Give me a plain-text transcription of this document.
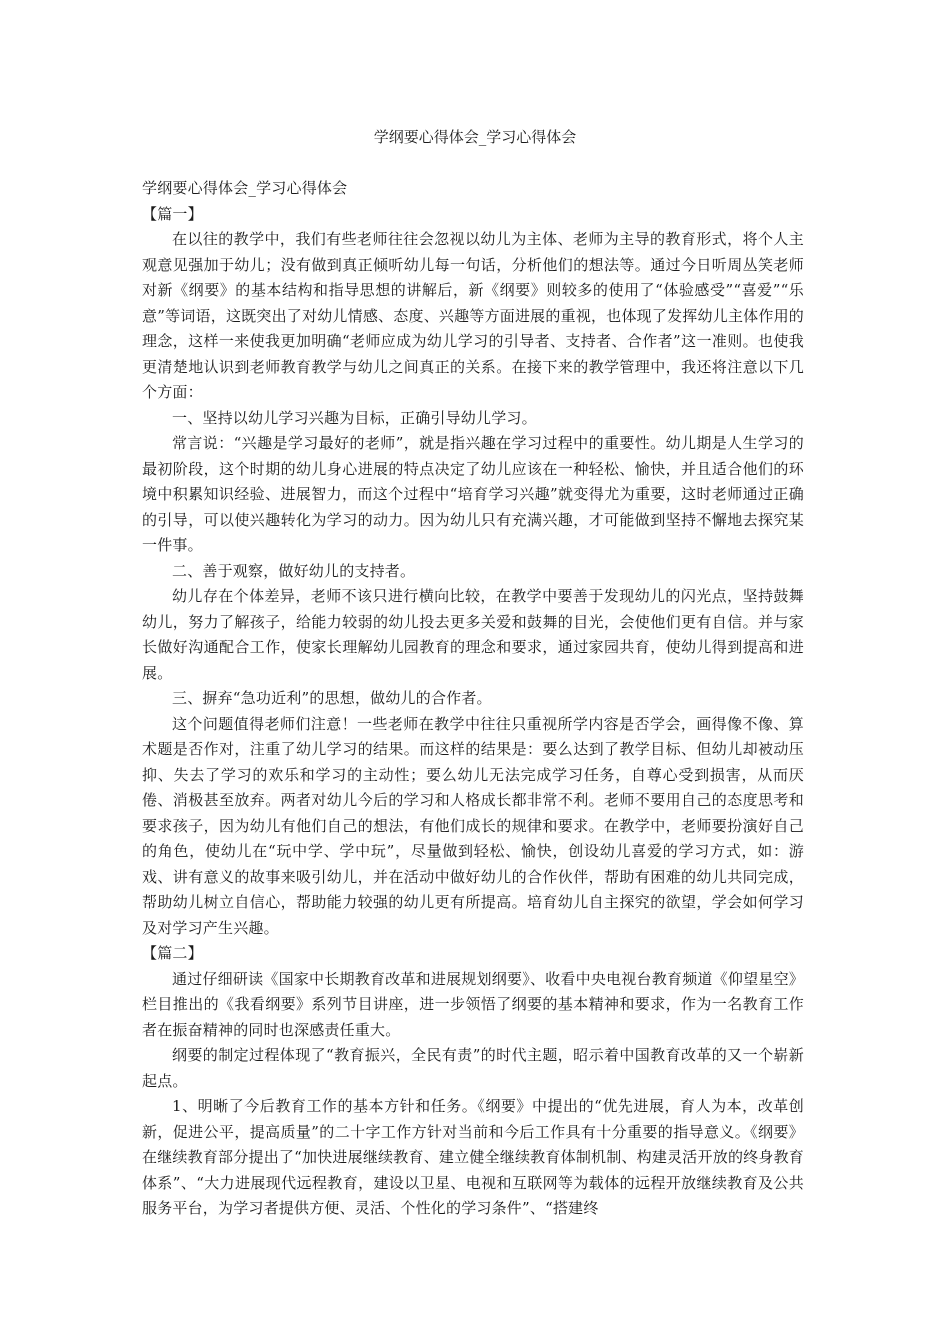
学纲要心得体会_学习心得体会

学纲要心得体会_学习心得体会

【篇一】

在以往的教学中，我们有些老师往往会忽视以幼儿为主体、老师为主导的教育形式，将个人主观意见强加于幼儿；没有做到真正倾听幼儿每一句话，分析他们的想法等。通过今日听周丛笑老师对新《纲要》的基本结构和指导思想的讲解后，新《纲要》则较多的使用了“体验感受”“喜爱”“乐意”等词语，这既突出了对幼儿情感、态度、兴趣等方面进展的重视，也体现了发挥幼儿主体作用的理念，这样一来使我更加明确“老师应成为幼儿学习的引导者、支持者、合作者”这一准则。也使我更清楚地认识到老师教育教学与幼儿之间真正的关系。在接下来的教学管理中，我还将注意以下几个方面：

一、坚持以幼儿学习兴趣为目标，正确引导幼儿学习。

常言说：“兴趣是学习最好的老师”，就是指兴趣在学习过程中的重要性。幼儿期是人生学习的最初阶段，这个时期的幼儿身心进展的特点决定了幼儿应该在一种轻松、愉快，并且适合他们的环境中积累知识经验、进展智力，而这个过程中“培育学习兴趣”就变得尤为重要，这时老师通过正确的引导，可以使兴趣转化为学习的动力。因为幼儿只有充满兴趣，才可能做到坚持不懈地去探究某一件事。

二、善于观察，做好幼儿的支持者。

幼儿存在个体差异，老师不该只进行横向比较，在教学中要善于发现幼儿的闪光点，坚持鼓舞幼儿，努力了解孩子，给能力较弱的幼儿投去更多关爱和鼓舞的目光，会使他们更有自信。并与家长做好沟通配合工作，使家长理解幼儿园教育的理念和要求，通过家园共育，使幼儿得到提高和进展。

三、摒弃“急功近利”的思想，做幼儿的合作者。

这个问题值得老师们注意！一些老师在教学中往往只重视所学内容是否学会，画得像不像、算术题是否作对，注重了幼儿学习的结果。而这样的结果是：要么达到了教学目标、但幼儿却被动压抑、失去了学习的欢乐和学习的主动性；要么幼儿无法完成学习任务，自尊心受到损害，从而厌倦、消极甚至放弃。两者对幼儿今后的学习和人格成长都非常不利。老师不要用自己的态度思考和要求孩子，因为幼儿有他们自己的想法，有他们成长的规律和要求。在教学中，老师要扮演好自己的角色，使幼儿在“玩中学、学中玩”，尽量做到轻松、愉快，创设幼儿喜爱的学习方式，如：游戏、讲有意义的故事来吸引幼儿，并在活动中做好幼儿的合作伙伴，帮助有困难的幼儿共同完成，帮助幼儿树立自信心，帮助能力较强的幼儿更有所提高。培育幼儿自主探究的欲望，学会如何学习及对学习产生兴趣。

【篇二】

通过仔细研读《国家中长期教育改革和进展规划纲要》、收看中央电视台教育频道《仰望星空》栏目推出的《我看纲要》系列节目讲座，进一步领悟了纲要的基本精神和要求，作为一名教育工作者在振奋精神的同时也深感责任重大。

纲要的制定过程体现了“教育振兴，全民有责”的时代主题，昭示着中国教育改革的又一个崭新起点。

1、明晰了今后教育工作的基本方针和任务。《纲要》中提出的“优先进展，育人为本，改革创新，促进公平，提高质量”的二十字工作方针对当前和今后工作具有十分重要的指导意义。《纲要》在继续教育部分提出了“加快进展继续教育、建立健全继续教育体制机制、构建灵活开放的终身教育体系”、“大力进展现代远程教育，建设以卫星、电视和互联网等为载体的远程开放继续教育及公共服务平台，为学习者提供方便、灵活、个性化的学习条件”、“搭建终
